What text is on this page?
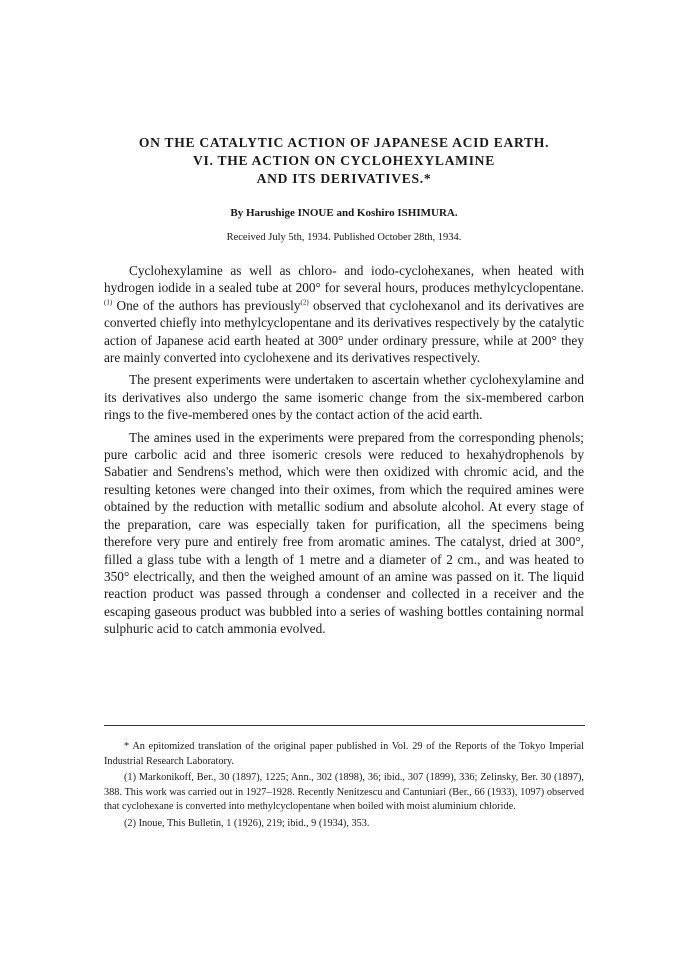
ON THE CATALYTIC ACTION OF JAPANESE ACID EARTH.
VI. THE ACTION ON CYCLOHEXYLAMINE
AND ITS DERIVATIVES.*
By Harushige INOUE and Koshiro ISHIMURA.
Received July 5th, 1934. Published October 28th, 1934.

Cyclohexylamine as well as chloro- and iodo-cyclohexanes, when heated with hydrogen iodide in a sealed tube at 200° for several hours, produces methylcyclopentane.$^{(1)}$ One of the authors has previously$^{(2)}$ observed that cyclohexanol and its derivatives are converted chiefly into methylcyclopentane and its derivatives respectively by the catalytic action of Japanese acid earth heated at 300° under ordinary pressure, while at 200° they are mainly converted into cyclohexene and its derivatives respectively.

The present experiments were undertaken to ascertain whether cyclohexylamine and its derivatives also undergo the same isomeric change from the six-membered carbon rings to the five-membered ones by the contact action of the acid earth.

The amines used in the experiments were prepared from the corresponding phenols; pure carbolic acid and three isomeric cresols were reduced to hexahydrophenols by Sabatier and Sendrens's method, which were then oxidized with chromic acid, and the resulting ketones were changed into their oximes, from which the required amines were obtained by the reduction with metallic sodium and absolute alcohol. At every stage of the preparation, care was especially taken for purification, all the specimens being therefore very pure and entirely free from aromatic amines. The catalyst, dried at 300°, filled a glass tube with a length of 1 metre and a diameter of 2 cm., and was heated to 350° electrically, and then the weighed amount of an amine was passed on it. The liquid reaction product was passed through a condenser and collected in a receiver and the escaping gaseous product was bubbled into a series of washing bottles containing normal sulphuric acid to catch ammonia evolved.

* An epitomized translation of the original paper published in Vol. 29 of the Reports of the Tokyo Imperial Industrial Research Laboratory.

(1) Markonikoff, Ber., 30 (1897), 1225; Ann., 302 (1898), 36; ibid., 307 (1899), 336; Zelinsky, Ber. 30 (1897), 388. This work was carried out in 1927–1928. Recently Nenitzescu and Cantuniari (Ber., 66 (1933), 1097) observed that cyclohexane is converted into methylcyclopentane when boiled with moist aluminium chloride.

(2) Inoue, This Bulletin, 1 (1926), 219; ibid., 9 (1934), 353.
